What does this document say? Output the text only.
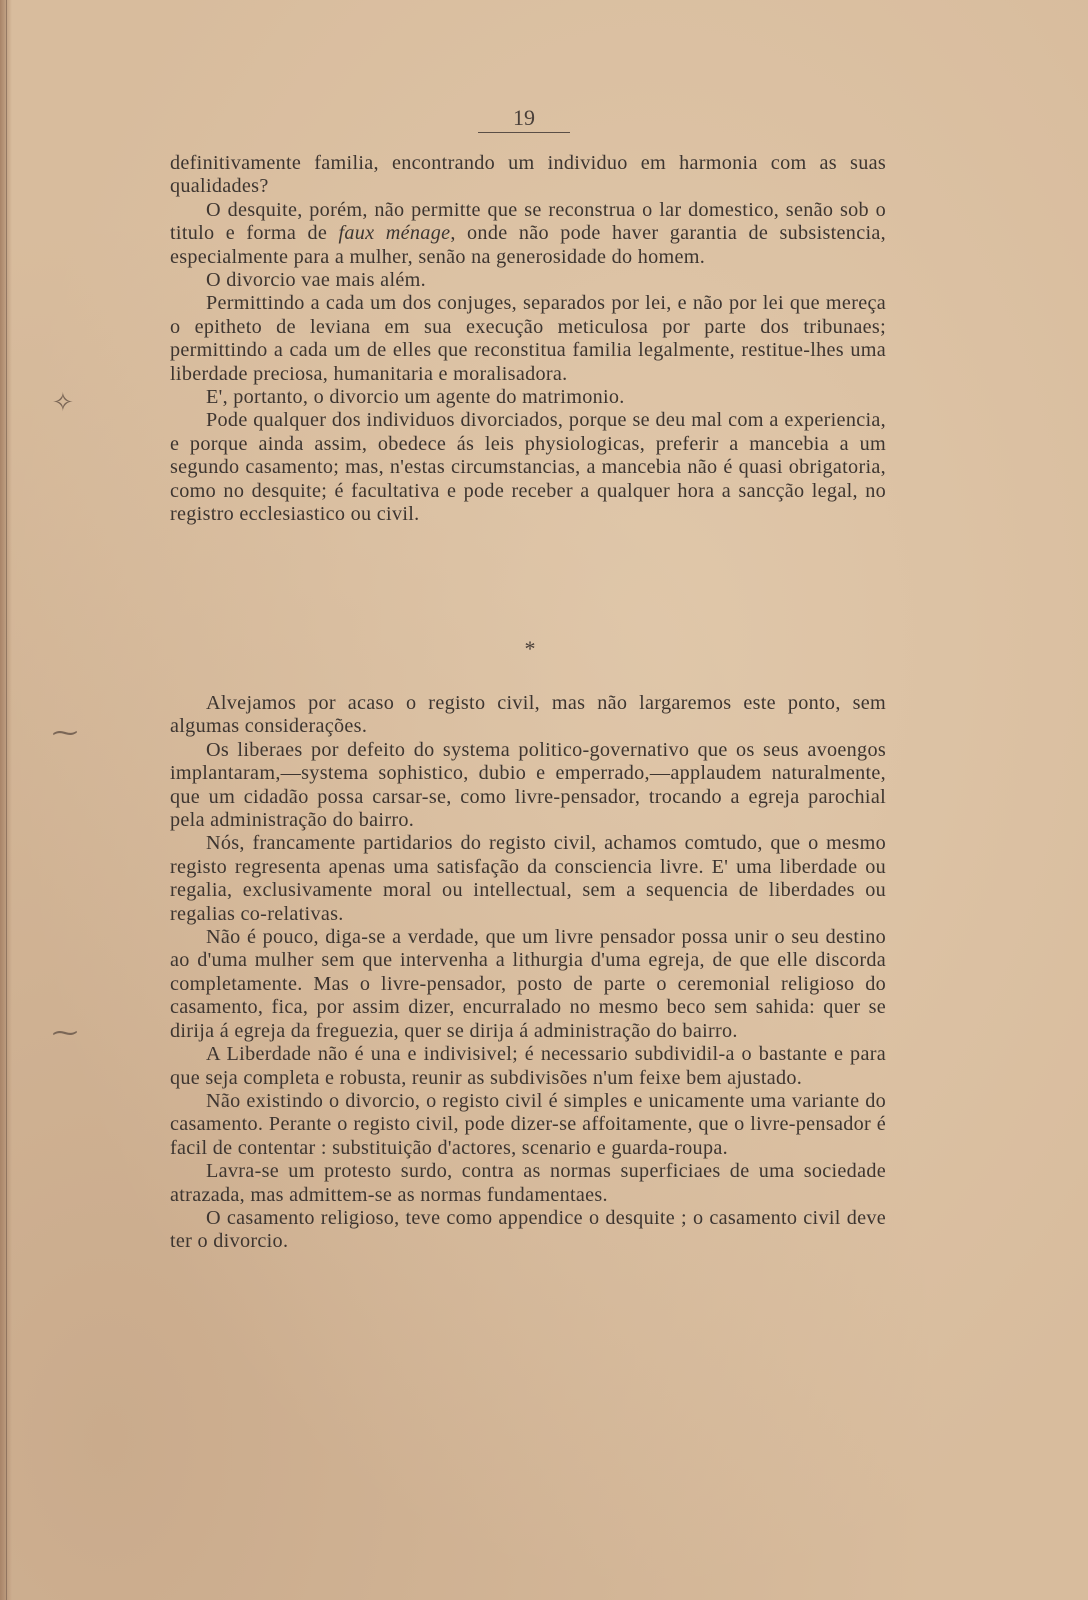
19

definitivamente familia, encontrando um individuo em harmonia com as suas qualidades?

O desquite, porém, não permitte que se reconstrua o lar domestico, senão sob o titulo e forma de faux ménage, onde não pode haver garantia de subsistencia, especialmente para a mulher, senão na generosidade do homem.

O divorcio vae mais além.

Permittindo a cada um dos conjuges, separados por lei, e não por lei que mereça o epitheto de leviana em sua execução meticulosa por parte dos tribunaes; permittindo a cada um de elles que reconstitua familia legalmente, restitue-lhes uma liberdade preciosa, humanitaria e moralisadora.

E', portanto, o divorcio um agente do matrimonio.

Pode qualquer dos individuos divorciados, porque se deu mal com a experiencia, e porque ainda assim, obedece ás leis physiologicas, preferir a mancebia a um segundo casamento; mas, n'estas circumstancias, a mancebia não é quasi obrigatoria, como no desquite; é facultativa e pode receber a qualquer hora a sancção legal, no registro ecclesiastico ou civil.

*

Alvejamos por acaso o registo civil, mas não largaremos este ponto, sem algumas considerações.

Os liberaes por defeito do systema politico-governativo que os seus avoengos implantaram,—systema sophistico, dubio e emperrado,—applaudem naturalmente, que um cidadão possa carsar-se, como livre-pensador, trocando a egreja parochial pela administração do bairro.

Nós, francamente partidarios do registo civil, achamos comtudo, que o mesmo registo regresenta apenas uma satisfação da consciencia livre. E' uma liberdade ou regalia, exclusivamente moral ou intellectual, sem a sequencia de liberdades ou regalias co-relativas.

Não é pouco, diga-se a verdade, que um livre pensador possa unir o seu destino ao d'uma mulher sem que intervenha a lithurgia d'uma egreja, de que elle discorda completamente. Mas o livre-pensador, posto de parte o ceremonial religioso do casamento, fica, por assim dizer, encurralado no mesmo beco sem sahida: quer se dirija á egreja da freguezia, quer se dirija á administração do bairro.

A Liberdade não é una e indivisivel; é necessario subdividil-a o bastante e para que seja completa e robusta, reunir as subdivisões n'um feixe bem ajustado.

Não existindo o divorcio, o registo civil é simples e unicamente uma variante do casamento. Perante o registo civil, pode dizer-se affoitamente, que o livre-pensador é facil de contentar : substituição d'actores, scenario e guarda-roupa.

Lavra-se um protesto surdo, contra as normas superficiaes de uma sociedade atrazada, mas admittem-se as normas fundamentaes.

O casamento religioso, teve como appendice o desquite ; o casamento civil deve ter o divorcio.

✧
⁓
⁓
